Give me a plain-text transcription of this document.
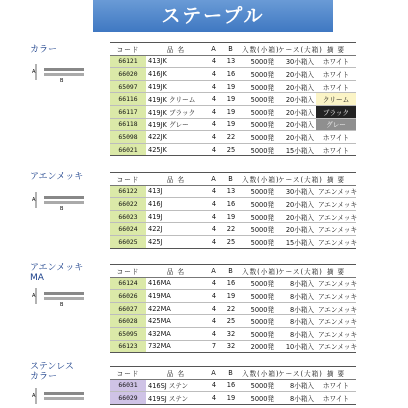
ステープル
カラー
A
B
コード	品 名	A	B	入数(小箱)	ケース(大箱)	摘 要
66121	413JK	4	13	5000発	30小箱入	ホワイト
66020	416JK	4	16	5000発	20小箱入	ホワイト
65097	419JK	4	19	5000発	20小箱入	ホワイト
66116	419JK クリーム	4	19	5000発	20小箱入	クリーム
66117	419JK ブラック	4	19	5000発	20小箱入	ブラック
66118	419JK グレー	4	19	5000発	20小箱入	グレー
65098	422JK	4	22	5000発	20小箱入	ホワイト
66021	425JK	4	25	5000発	15小箱入	ホワイト
アエンメッキ
A
B
コード	品 名	A	B	入数(小箱)	ケース(大箱)	摘 要
66122	413J	4	13	5000発	30小箱入	アエンメッキ
66022	416J	4	16	5000発	20小箱入	アエンメッキ
66023	419J	4	19	5000発	20小箱入	アエンメッキ
66024	422J	4	22	5000発	20小箱入	アエンメッキ
66025	425J	4	25	5000発	15小箱入	アエンメッキ
アエンメッキ
MA
A
B
コード	品 名	A	B	入数(小箱)	ケース(大箱)	摘 要
66124	416MA	4	16	5000発	8小箱入	アエンメッキ
66026	419MA	4	19	5000発	8小箱入	アエンメッキ
66027	422MA	4	22	5000発	8小箱入	アエンメッキ
66028	425MA	4	25	5000発	8小箱入	アエンメッキ
65095	432MA	4	32	5000発	8小箱入	アエンメッキ
66123	732MA	7	32	2000発	10小箱入	アエンメッキ
ステンレス
カラー
A
コード	品 名	A	B	入数(小箱)	ケース(大箱)	摘 要
66031	416SJ ステン	4	16	5000発	8小箱入	ホワイト
66029	419SJ ステン	4	19	5000発	8小箱入	ホワイト
